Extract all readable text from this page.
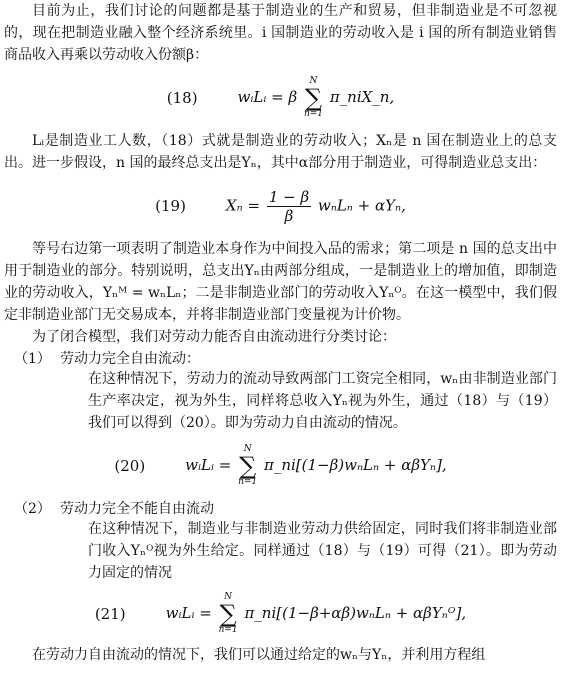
目前为止，我们讨论的问题都是基于制造业的生产和贸易，但非制造业是不可忽视的，现在把制造业融入整个经济系统里。i 国制造业的劳动收入是 i 国的所有制造业销售商品收入再乘以劳动收入份额β：

(18)	wᵢLᵢ = β
N
∑
n=1
π_niX_n,

Lᵢ是制造业工人数，（18）式就是制造业的劳动收入；Xₙ是 n 国在制造业上的总支出。进一步假设，n 国的最终总支出是Yₙ，其中α部分用于制造业，可得制造业总支出：

(19)	$X_n = \frac{1 - \beta}{\beta}$ wₙLₙ + αYₙ,

等号右边第一项表明了制造业本身作为中间投入品的需求；第二项是 n 国的总支出中用于制造业的部分。特别说明，总支出Yₙ由两部分组成，一是制造业上的增加值，即制造业的劳动收入，Yₙᴹ = wₙLₙ；二是非制造业部门的劳动收入Yₙᴼ。在这一模型中，我们假定非制造业部门无交易成本，并将非制造业部门变量视为计价物。

为了闭合模型，我们对劳动力能否自由流动进行分类讨论：

（1） 劳动力完全自由流动：

在这种情况下，劳动力的流动导致两部门工资完全相同，wₙ由非制造业部门生产率决定，视为外生，同样将总收入Yₙ视为外生，通过（18）与（19）我们可以得到（20）。即为劳动力自由流动的情况。

(20)	wᵢLᵢ =
N
∑
n=1
π_ni[(1−β)wₙLₙ + αβYₙ],
（2） 劳动力完全不能自由流动

在这种情况下，制造业与非制造业劳动力供给固定，同时我们将非制造业部门收入Yₙᴼ视为外生给定。同样通过（18）与（19）可得（21）。即为劳动力固定的情况

(21)	wᵢLᵢ =
N
∑
n=1
π_ni[(1−β+αβ)wₙLₙ + αβYₙᴼ],

在劳动力自由流动的情况下，我们可以通过给定的wₙ与Yₙ，并利用方程组
